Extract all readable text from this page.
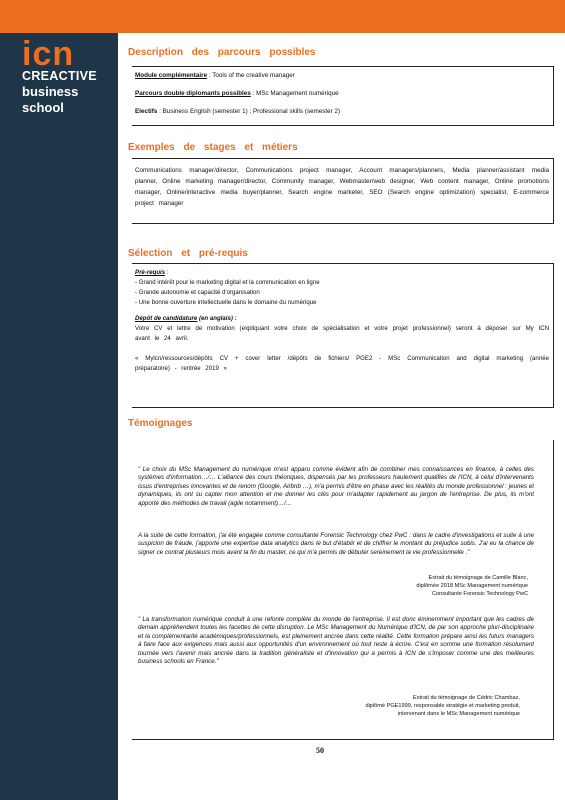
icn
CREACTIVE
business
school
Description des parcours possibles
Module complémentaire : Tools of the creative manager
Parcours double diplomants possibles : MSc Management numérique
Electifs : Business English (semester 1) ; Professional skills (semester 2)
Exemples de stages et métiers
Communications manager/director, Communications project manager, Account managers/planners, Media planner/assistant media planner, Online marketing manager/director, Community manager, Webmaster/web designer, Web content manager, Online promotions manager, Online/interactive media buyer/planner, Search engine marketer, SEO (Search engine optimization) specialist, E-commerce project manager
Sélection et pré-requis
Pré-requis :
- Grand intérêt pour le marketing digital et la communication en ligne
- Grande autonomie et capacité d'organisation
- Une bonne ouverture intellectuelle dans le domaine du numérique
Dépôt de candidature (en anglais) :
Votre CV et lettre de motivation (expliquant votre choix de spécialisation et votre projet professionnel) seront à déposer sur My ICN avant le 24 avril.
« Mylcn/ressources/dépôts CV + cover letter /dépôts de fichiers/ PGE2 - MSc Communication and digital marketing (année préparatoire) - rentrée 2019 »
Témoignages
" Le choix du MSc Management du numérique m'est apparu comme évident afin de combiner mes connaissances en finance, à celles des systèmes d'information…/… L'alliance des cours théoriques, dispensés par les professeurs hautement qualifiés de l'ICN, à celui d'intervenants issus d'entreprises innovantes et de renom (Google, Airbnb …), m'a permis d'être en phase avec les réalités du monde professionnel : jeunes et dynamiques, ils ont su capter mon attention et me donner les clés pour m'adapter rapidement au jargon de l'entreprise. De plus, ils m'ont apporté des méthodes de travail (agile notamment)…/…
A la suite de cette formation, j'ai été engagée comme consultante Forensic Technology chez PwC : dans le cadre d'investigations et suite à une suspicion de fraude, j'apporte une expertise data analytics dans le but d'établir et de chiffrer le montant du préjudice subis. J'ai eu la chance de signer ce contrat plusieurs mois avant la fin du master, ce qui m'a permis de débuter sereinement la vie professionnelle ."
Extrait du témoignage de Camille Blanc,
diplômée 2018 MSc Management numérique
Consultante Forensic Technology PwC
" La transformation numérique conduit à une refonte complète du monde de l'entreprise. Il est donc éminemment important que les cadres de demain appréhendent toutes les facettes de cette disruption. Le MSc Management du Numérique d'ICN, de par son approche pluri-disciplinaire et la complémentarité académiques/professionnels, est pleinement ancrée dans cette réalité. Cette formation prépare ainsi les futurs managers à faire face aux exigences mais aussi aux opportunités d'un environnement où tout reste à écrire. C'est en somme une formation résolument tournée vers l'avenir mais ancrée dans la tradition généraliste et d'innovation qui a permis à ICN de s'imposer comme une des meilleures business schools en France."
Extrait du témoignage de Cédric Chambaz,
diplômé PGE1999, responsable stratégie et marketing produit,
intervenant dans le MSc Management numérique
50
